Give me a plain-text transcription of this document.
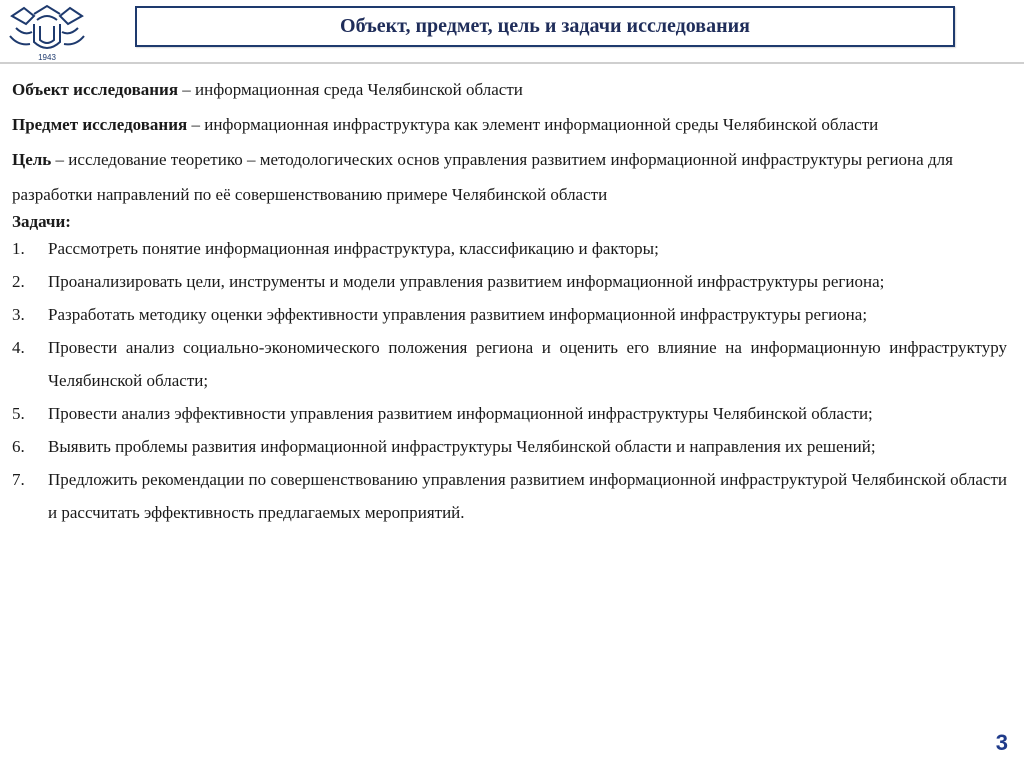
1943
Объект, предмет, цель и задачи исследования

Объект исследования – информационная среда Челябинской области

Предмет исследования – информационная инфраструктура как элемент информационной среды Челябинской области

Цель – исследование теоретико – методологических основ управления развитием информационной инфраструктуры региона для разработки направлений по её совершенствованию примере Челябинской области

Задачи:

1. Рассмотреть понятие информационная инфраструктура, классификацию и факторы;
2. Проанализировать цели, инструменты и модели управления развитием информационной инфраструктуры региона;
3. Разработать методику оценки эффективности управления развитием информационной инфраструктуры региона;
4. Провести анализ социально-экономического положения региона и оценить его влияние на информационную инфраструктуру Челябинской области;
5. Провести анализ эффективности управления развитием информационной инфраструктуры Челябинской области;
6. Выявить проблемы развития информационной инфраструктуры Челябинской области и направления их решений;
7. Предложить рекомендации по совершенствованию управления развитием информационной инфраструктурой Челябинской области и рассчитать эффективность предлагаемых мероприятий.
3
